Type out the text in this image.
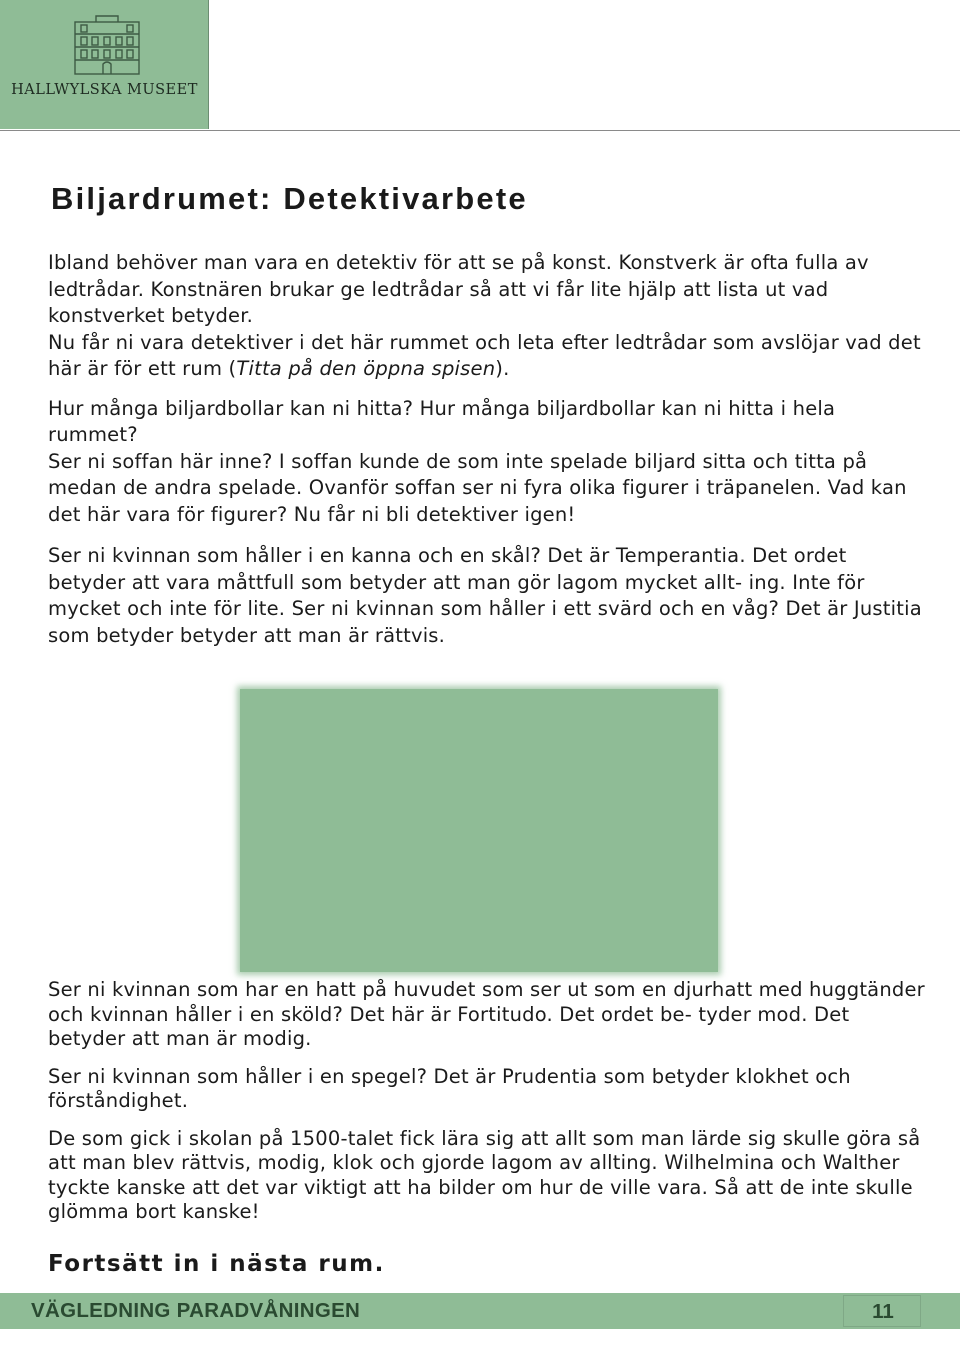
HALLWYLSKA MUSEET
Biljardrumet: Detektivarbete

Ibland behöver man vara en detektiv för att se på konst. Konstverk är ofta fulla av ledtrådar. Konstnären brukar ge ledtrådar så att vi får lite hjälp att lista ut vad konstverket betyder.

Nu får ni vara detektiver i det här rummet och leta efter ledtrådar som avslöjar vad det här är för ett rum (Titta på den öppna spisen).

Hur många biljardbollar kan ni hitta? Hur många biljardbollar kan ni hitta i hela rummet?

Ser ni soffan här inne? I soffan kunde de som inte spelade biljard sitta och titta på medan de andra spelade. Ovanför soffan ser ni fyra olika figurer i träpanelen. Vad kan det här vara för figurer? Nu får ni bli detektiver igen!

Ser ni kvinnan som håller i en kanna och en skål? Det är Temperantia. Det ordet betyder att vara måttfull som betyder att man gör lagom mycket allt- ing. Inte för mycket och inte för lite. Ser ni kvinnan som håller i ett svärd och en våg? Det är Justitia som betyder betyder att man är rättvis.

Ser ni kvinnan som har en hatt på huvudet som ser ut som en djurhatt med huggtänder och kvinnan håller i en sköld? Det här är Fortitudo. Det ordet be- tyder mod. Det betyder att man är modig.

Ser ni kvinnan som håller i en spegel? Det är Prudentia som betyder klokhet och förståndighet.

De som gick i skolan på 1500-talet fick lära sig att allt som man lärde sig skulle göra så att man blev rättvis, modig, klok och gjorde lagom av allting. Wilhelmina och Walther tyckte kanske att det var viktigt att ha bilder om hur de ville vara. Så att de inte skulle glömma bort kanske!

Fortsätt in i nästa rum.
VÄGLEDNING PARADVÅNINGEN	11
